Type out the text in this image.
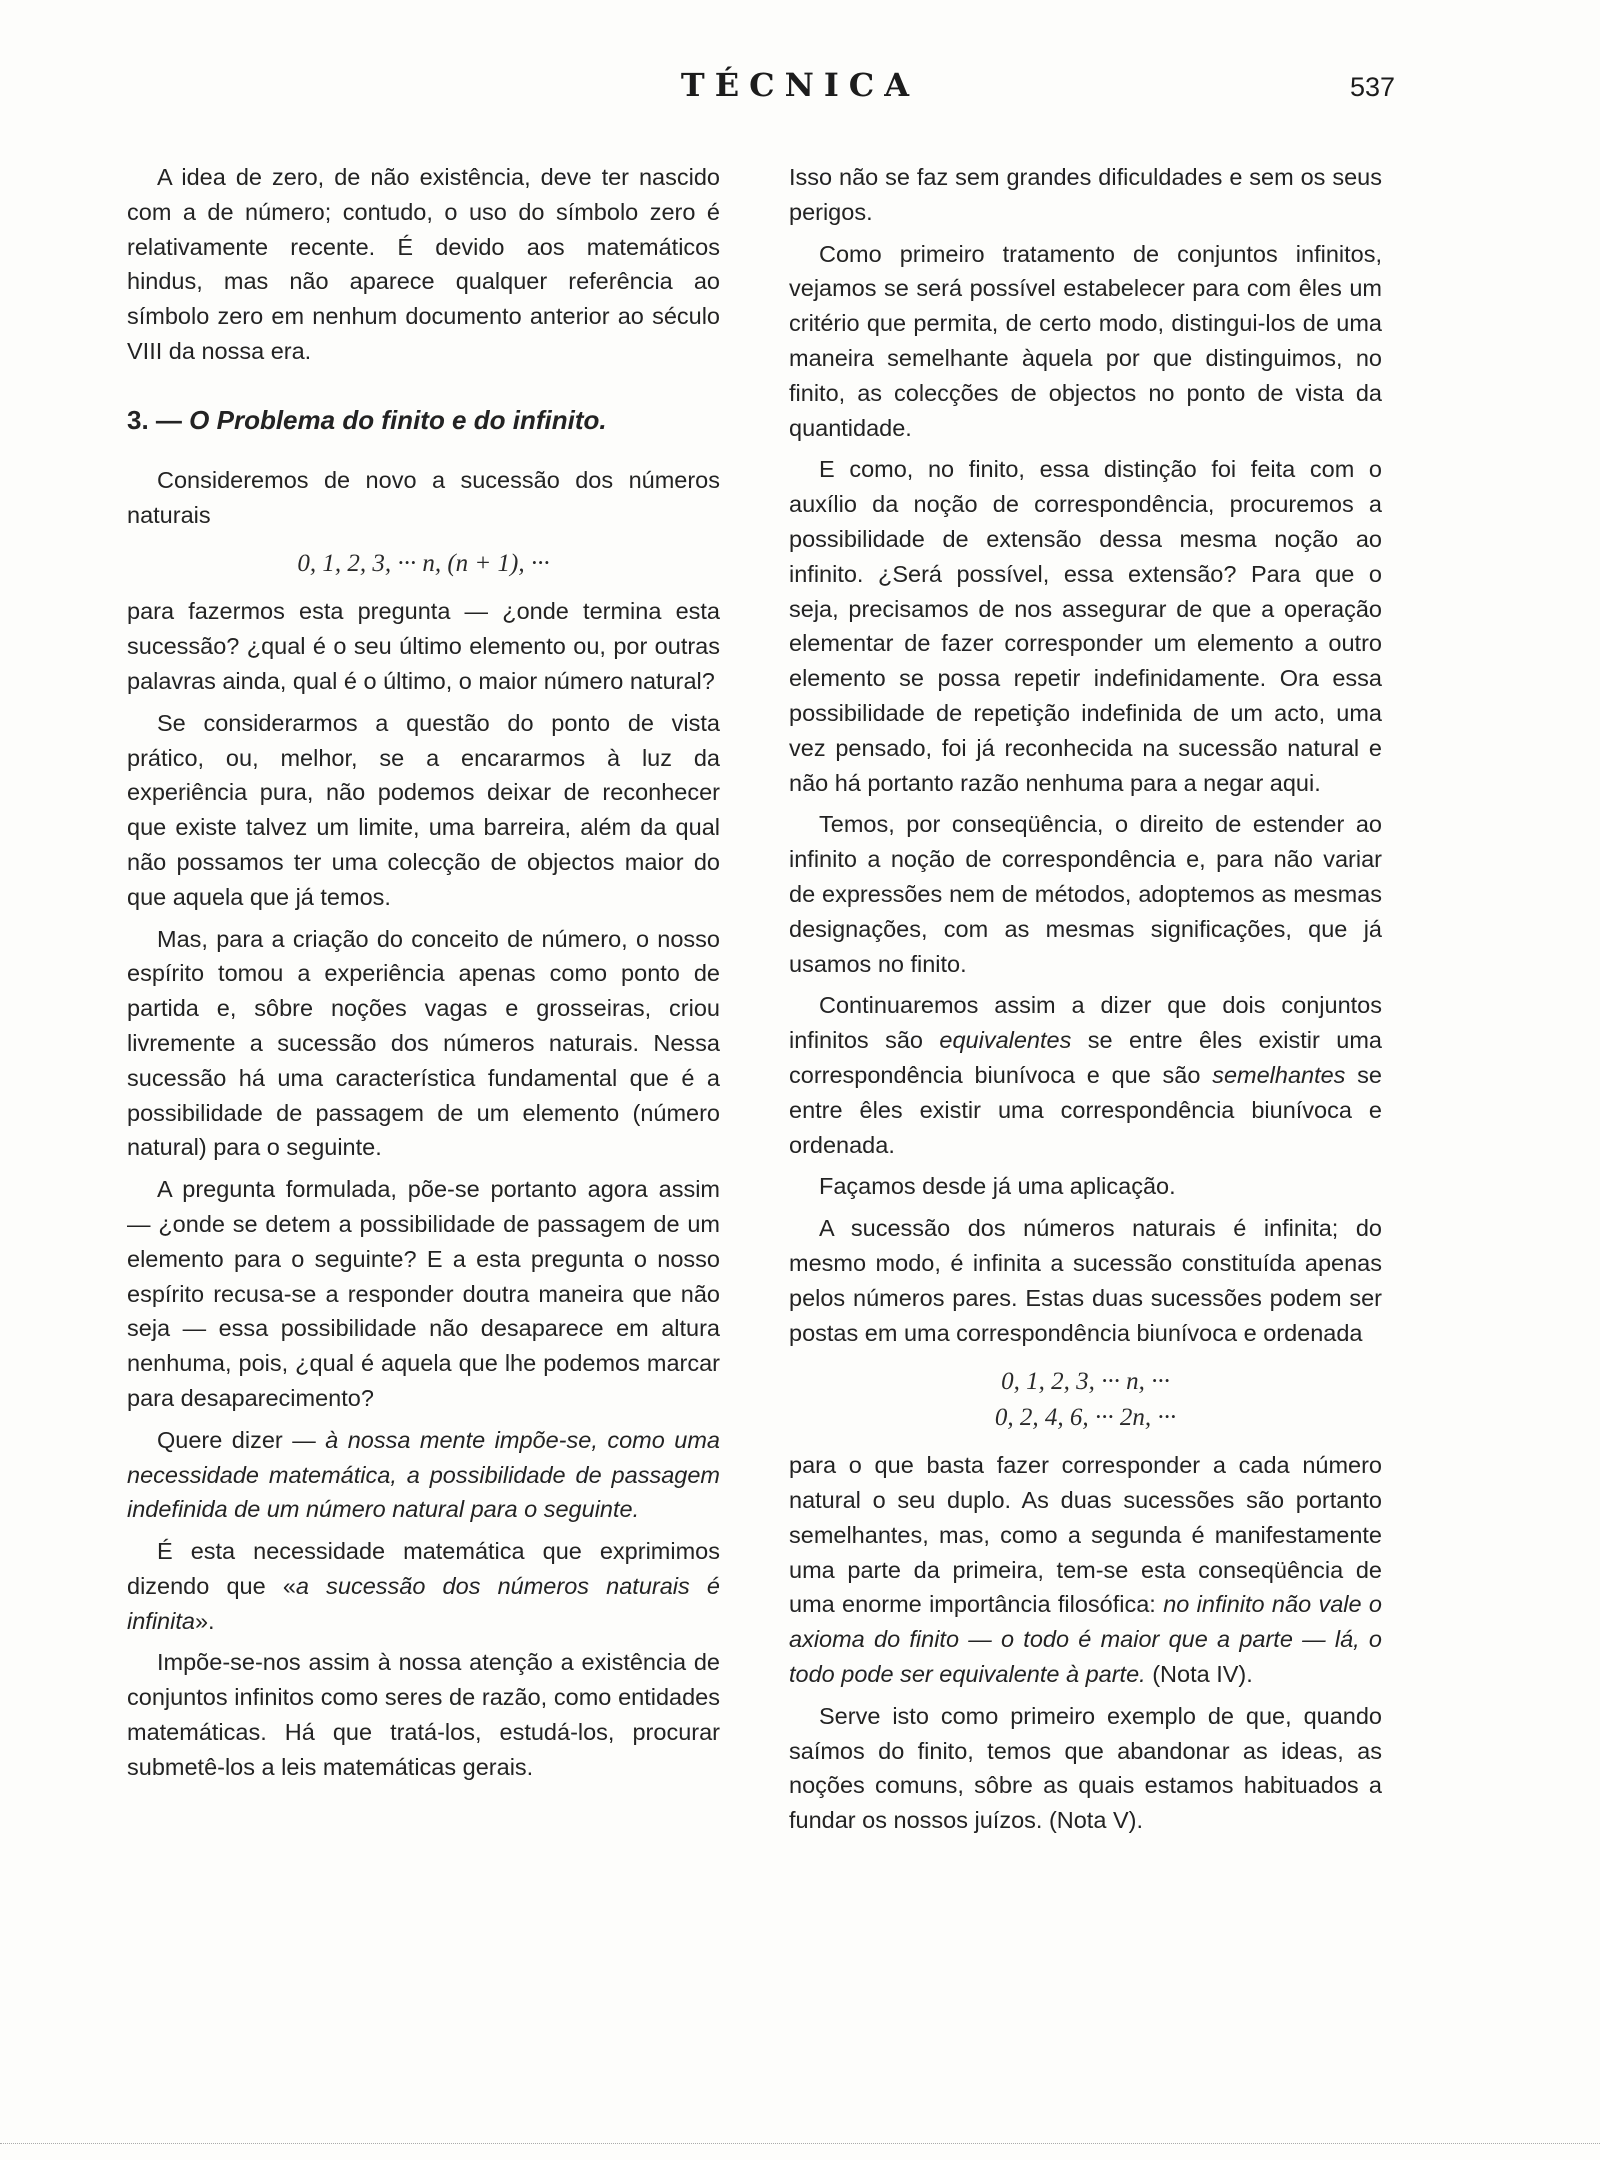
TÉCNICA	537

A idea de zero, de não existência, deve ter nascido com a de número; contudo, o uso do símbolo zero é relativamente recente. É devido aos matemáticos hindus, mas não aparece qualquer referência ao símbolo zero em nenhum documento anterior ao século VIII da nossa era.

3. — O Problema do finito e do infinito.

Consideremos de novo a sucessão dos números naturais

0, 1, 2, 3, ··· n, (n + 1), ···

para fazermos esta pregunta — ¿onde termina esta sucessão? ¿qual é o seu último elemento ou, por outras palavras ainda, qual é o último, o maior número natural?

Se considerarmos a questão do ponto de vista prático, ou, melhor, se a encararmos à luz da experiência pura, não podemos deixar de reconhecer que existe talvez um limite, uma barreira, além da qual não possamos ter uma colecção de objectos maior do que aquela que já temos.

Mas, para a criação do conceito de número, o nosso espírito tomou a experiência apenas como ponto de partida e, sôbre noções vagas e grosseiras, criou livremente a sucessão dos números naturais. Nessa sucessão há uma característica fundamental que é a possibilidade de passagem de um elemento (número natural) para o seguinte.

A pregunta formulada, põe-se portanto agora assim — ¿onde se detem a possibilidade de passagem de um elemento para o seguinte? E a esta pregunta o nosso espírito recusa-se a responder doutra maneira que não seja — essa possibilidade não desaparece em altura nenhuma, pois, ¿qual é aquela que lhe podemos marcar para desaparecimento?

Quere dizer — à nossa mente impõe-se, como uma necessidade matemática, a possibilidade de passagem indefinida de um número natural para o seguinte.

É esta necessidade matemática que exprimimos dizendo que «a sucessão dos números naturais é infinita».

Impõe-se-nos assim à nossa atenção a existência de conjuntos infinitos como seres de razão, como entidades matemáticas. Há que tratá-los, estudá-los, procurar submetê-los a leis matemáticas gerais.

Isso não se faz sem grandes dificuldades e sem os seus perigos.

Como primeiro tratamento de conjuntos infinitos, vejamos se será possível estabelecer para com êles um critério que permita, de certo modo, distingui-los de uma maneira semelhante àquela por que distinguimos, no finito, as colecções de objectos no ponto de vista da quantidade.

E como, no finito, essa distinção foi feita com o auxílio da noção de correspondência, procuremos a possibilidade de extensão dessa mesma noção ao infinito. ¿Será possível, essa extensão? Para que o seja, precisamos de nos assegurar de que a operação elementar de fazer corresponder um elemento a outro elemento se possa repetir indefinidamente. Ora essa possibilidade de repetição indefinida de um acto, uma vez pensado, foi já reconhecida na sucessão natural e não há portanto razão nenhuma para a negar aqui.

Temos, por conseqüência, o direito de estender ao infinito a noção de correspondência e, para não variar de expressões nem de métodos, adoptemos as mesmas designações, com as mesmas significações, que já usamos no finito.

Continuaremos assim a dizer que dois conjuntos infinitos são equivalentes se entre êles existir uma correspondência biunívoca e que são semelhantes se entre êles existir uma correspondência biunívoca e ordenada.

Façamos desde já uma aplicação.

A sucessão dos números naturais é infinita; do mesmo modo, é infinita a sucessão constituída apenas pelos números pares. Estas duas sucessões podem ser postas em uma correspondência biunívoca e ordenada

0, 1, 2, 3, ··· n, ···
0, 2, 4, 6, ··· 2n, ···

para o que basta fazer corresponder a cada número natural o seu duplo. As duas sucessões são portanto semelhantes, mas, como a segunda é manifestamente uma parte da primeira, tem-se esta conseqüência de uma enorme importância filosófica: no infinito não vale o axioma do finito — o todo é maior que a parte — lá, o todo pode ser equivalente à parte. (Nota IV).

Serve isto como primeiro exemplo de que, quando saímos do finito, temos que abandonar as ideas, as noções comuns, sôbre as quais estamos habituados a fundar os nossos juízos. (Nota V).
